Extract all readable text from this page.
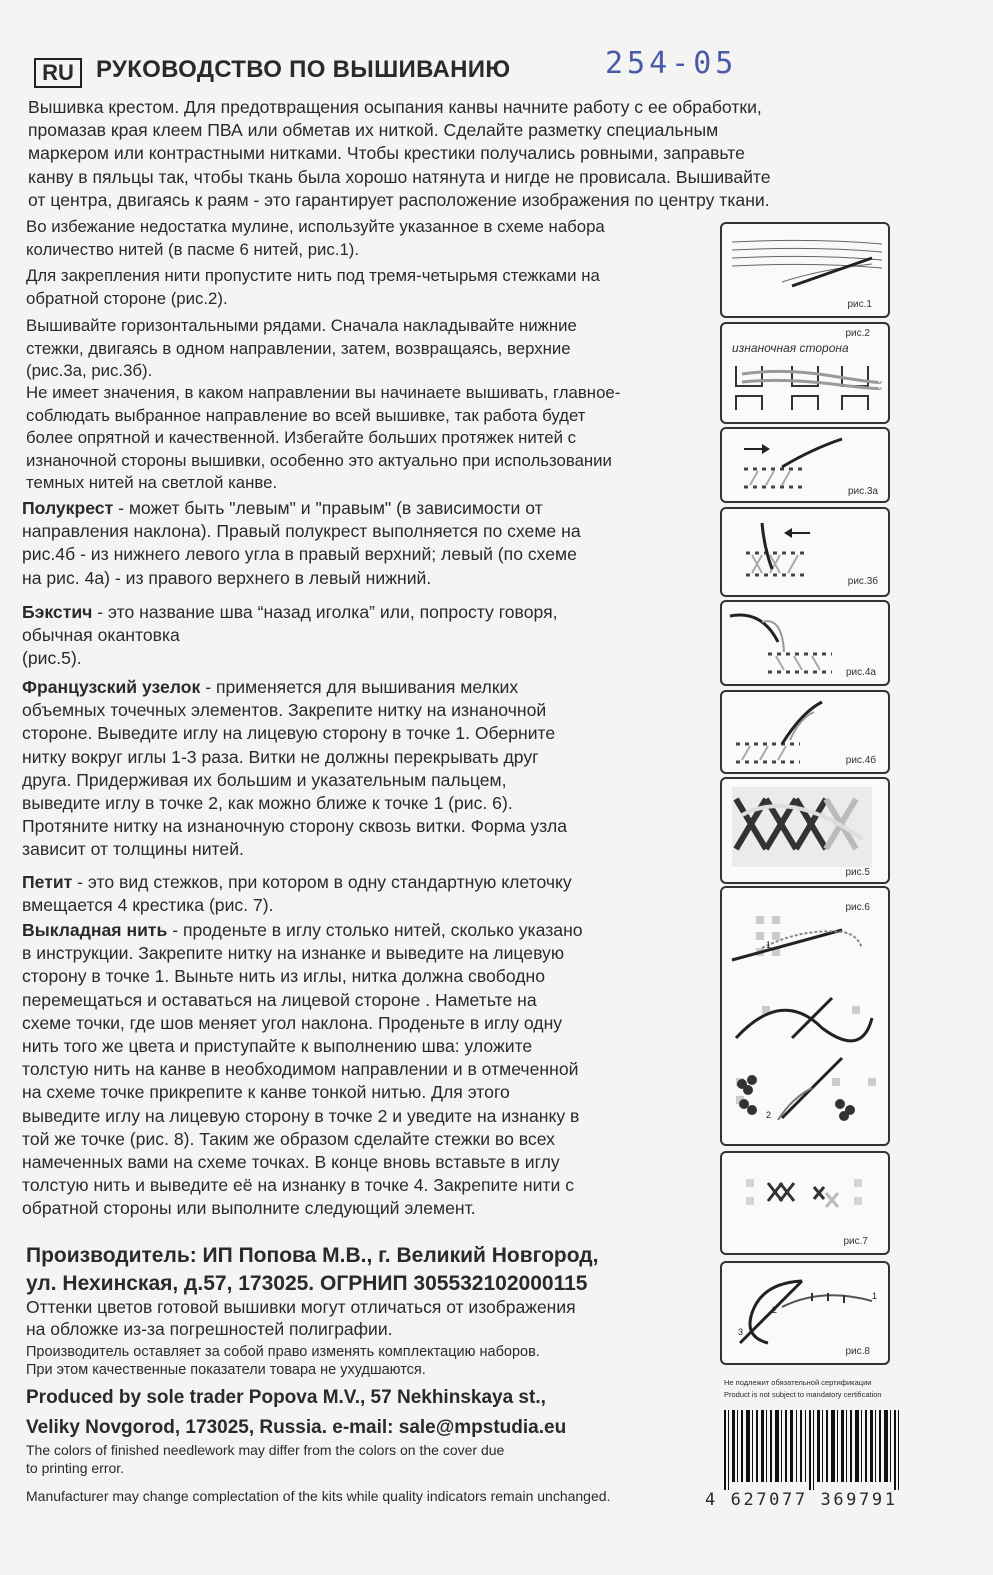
RU РУКОВОДСТВО ПО ВЫШИВАНИЮ	254-05
Вышивка крестом. Для предотвращения осыпания канвы начните работу с ее обработки,
промазав края клеем ПВА или обметав их ниткой. Сделайте разметку специальным
маркером или контрастными нитками. Чтобы крестики получались ровными, заправьте
канву в пяльцы так, чтобы ткань была хорошо натянута и нигде не провисала. Вышивайте
от центра, двигаясь к раям - это гарантирует расположение изображения по центру ткани.
Во избежание недостатка мулине, используйте указанное в схеме набора
количество нитей (в пасме 6 нитей, рис.1).
Для закрепления нити пропустите нить под тремя-четырьмя стежками на
обратной стороне (рис.2).
Вышивайте горизонтальными рядами. Сначала накладывайте нижние
стежки, двигаясь в одном направлении, затем, возвращаясь, верхние
(рис.3а, рис.3б).
Не имеет значения, в каком направлении вы начинаете вышивать, главное-
соблюдать выбранное направление во всей вышивке, так работа будет
более опрятной и качественной. Избегайте больших протяжек нитей с
изнаночной стороны вышивки, особенно это актуально при использовании
темных нитей на светлой канве.
Полукрест - может быть "левым" и "правым" (в зависимости от
направления наклона). Правый полукрест выполняется по схеме на
рис.4б - из нижнего левого угла в правый верхний; левый (по схеме
на рис. 4а) - из правого верхнего в левый нижний.
Бэкстич - это название шва “назад иголка” или, попросту говоря,
обычная окантовка
(рис.5).
Французский узелок - применяется для вышивания мелких
объемных точечных элементов. Закрепите нитку на изнаночной
стороне. Выведите иглу на лицевую сторону в точке 1. Оберните
нитку вокруг иглы 1-3 раза. Витки не должны перекрывать друг
друга. Придерживая их большим и указательным пальцем,
выведите иглу в точке 2, как можно ближе к точке 1 (рис. 6).
Протяните нитку на изнаночную сторону сквозь витки. Форма узла
зависит от толщины нитей.
Петит - это вид стежков, при котором в одну стандартную клеточку
вмещается 4 крестика (рис. 7).
Выкладная нить - проденьте в иглу столько нитей, сколько указано
в инструкции. Закрепите нитку на изнанке и выведите на лицевую
сторону в точке 1. Выньте нить из иглы, нитка должна свободно
перемещаться и оставаться на лицевой стороне . Наметьте на
схеме точки, где шов меняет угол наклона. Проденьте в иглу одну
нить того же цвета и приступайте к выполнению шва: уложите
толстую нить на канве в необходимом направлении и в отмеченной
на схеме точке прикрепите к канве тонкой нитью. Для этого
выведите иглу на лицевую сторону в точке 2 и уведите на изнанку в
той же точке (рис. 8). Таким же образом сделайте стежки во всех
намеченных вами на схеме точках. В конце вновь вставьте в иглу
толстую нить и выведите её на изнанку в точке 4. Закрепите нити с
обратной стороны или выполните следующий элемент.
Производитель: ИП Попова М.В., г. Великий Новгород,
ул. Нехинская, д.57, 173025. ОГРНИП 305532102000115
Оттенки цветов готовой вышивки могут отличаться от изображения
на обложке из-за погрешностей полиграфии.
Производитель оставляет за собой право изменять комплектацию наборов.
При этом качественные показатели товара не ухудшаются.
Produced by sole trader Popova M.V., 57 Nekhinskaya st.,
Veliky Novgorod, 173025, Russia. e-mail: sale@mpstudia.eu
The colors of finished needlework may differ from the colors on the cover due
to printing error.
Manufacturer may change complectation of the kits while quality indicators remain unchanged.
Не подлежит обязательной сертификации
Product is not subject to mandatory certification
4 627077 369791
рис.1
рис.2
изнаночная сторона
рис.3а
рис.3б
рис.4а
рис.4б
рис.5
рис.6
1
2
рис.7
1
2
3
рис.8
